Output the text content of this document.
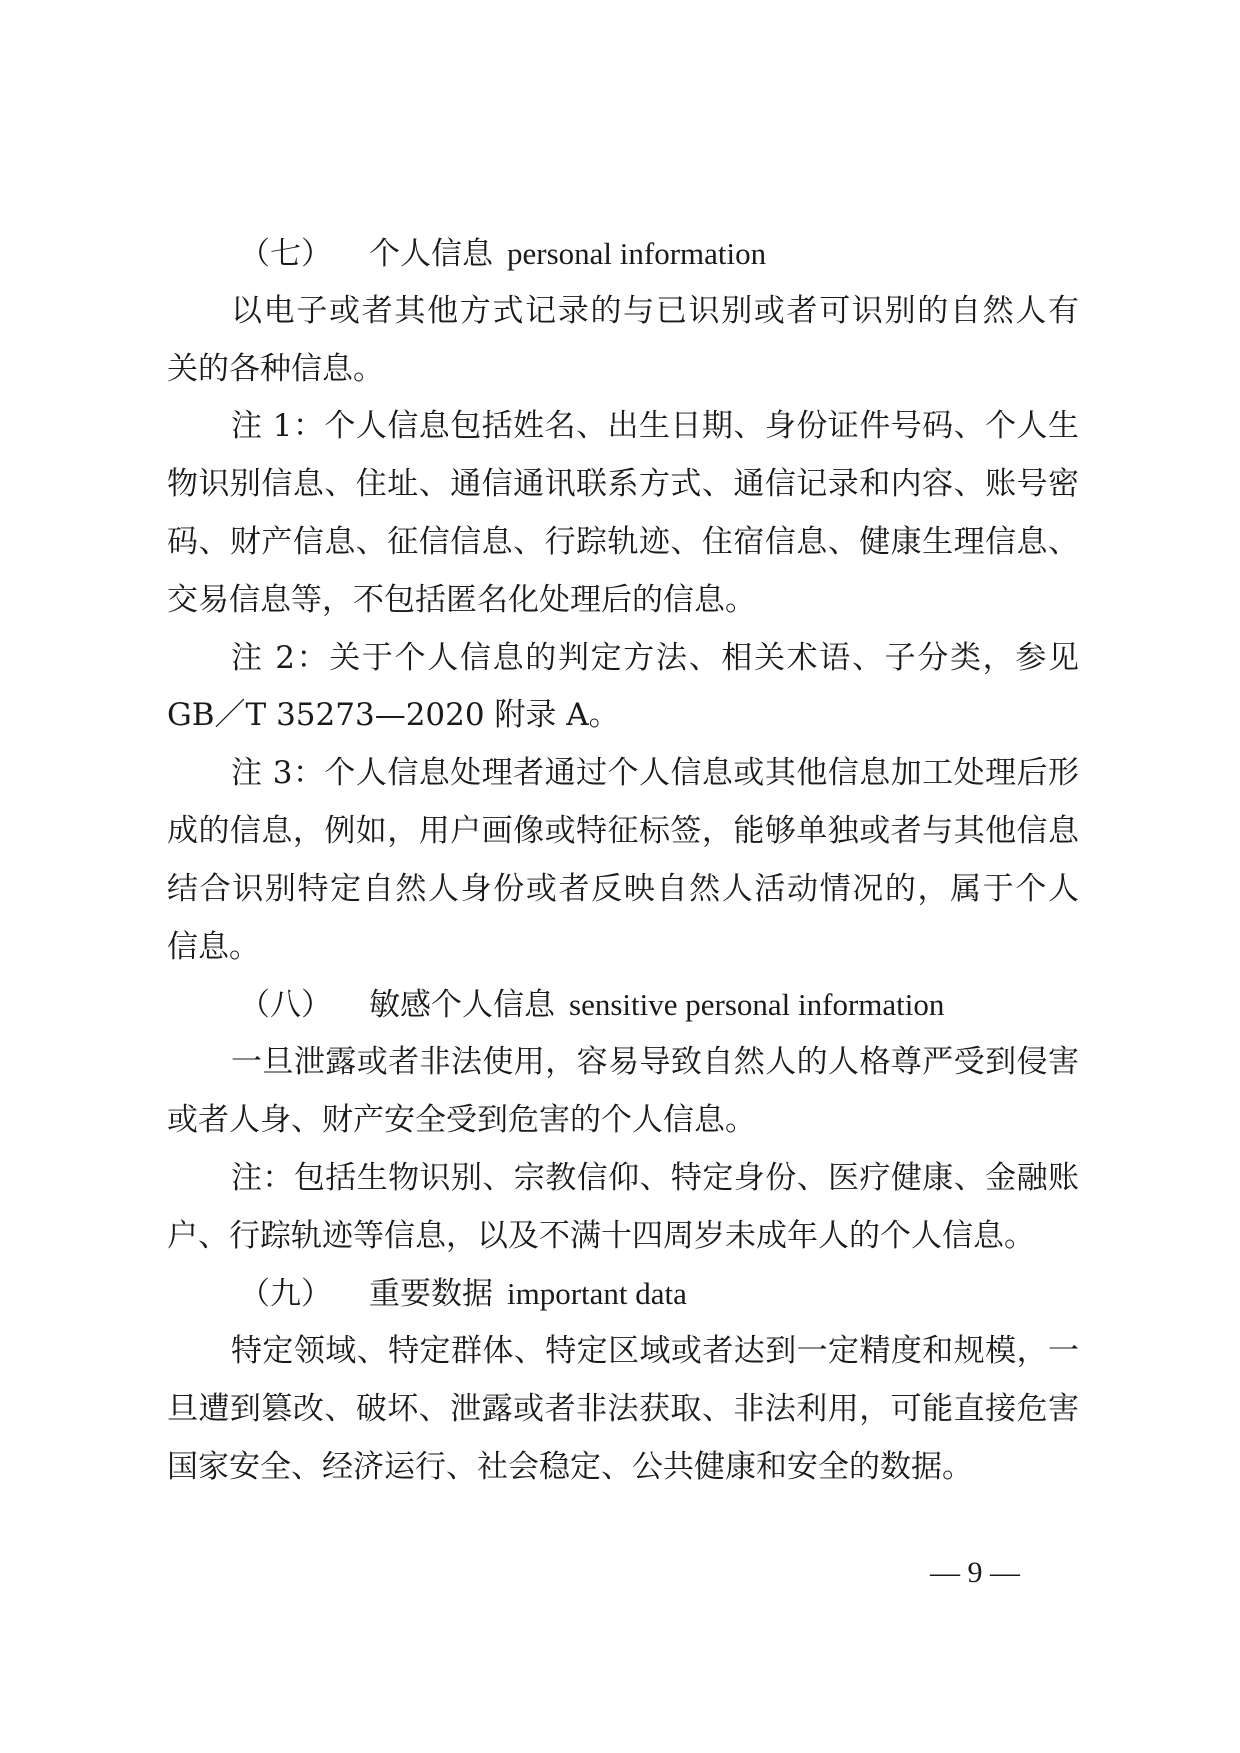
（七） 个人信息 personal information
以电子或者其他方式记录的与已识别或者可识别的自然人有
关的各种信息。
注 1：个人信息包括姓名、出生日期、身份证件号码、个人生
物识别信息、住址、通信通讯联系方式、通信记录和内容、账号密
码、财产信息、征信信息、行踪轨迹、住宿信息、健康生理信息、
交易信息等，不包括匿名化处理后的信息。
注 2：关于个人信息的判定方法、相关术语、子分类，参见
GB／T 35273—2020 附录 A。
注 3：个人信息处理者通过个人信息或其他信息加工处理后形
成的信息，例如，用户画像或特征标签，能够单独或者与其他信息
结合识别特定自然人身份或者反映自然人活动情况的，属于个人
信息。
（八） 敏感个人信息 sensitive personal information
一旦泄露或者非法使用，容易导致自然人的人格尊严受到侵害
或者人身、财产安全受到危害的个人信息。
注：包括生物识别、宗教信仰、特定身份、医疗健康、金融账
户、行踪轨迹等信息，以及不满十四周岁未成年人的个人信息。
（九） 重要数据 important data
特定领域、特定群体、特定区域或者达到一定精度和规模，一
旦遭到篡改、破坏、泄露或者非法获取、非法利用，可能直接危害
国家安全、经济运行、社会稳定、公共健康和安全的数据。
— 9 —
